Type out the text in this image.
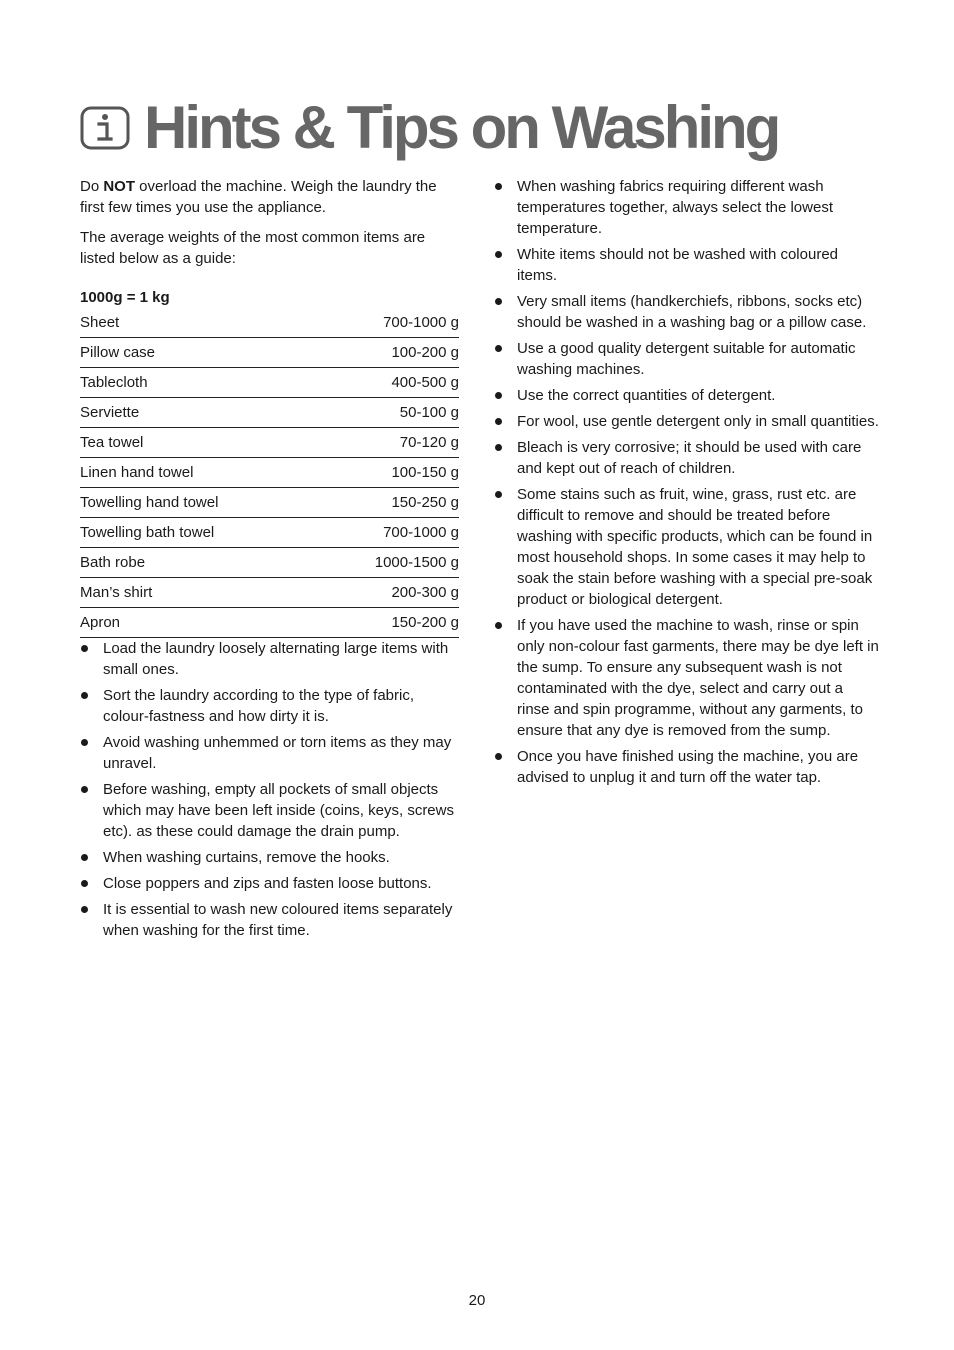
Hints & Tips on Washing

Do NOT overload the machine. Weigh the laundry the first few times you use the appliance.

The average weights of the most common items are listed below as a guide:

1000g = 1 kg
Sheet	700-1000 g
Pillow case	100-200 g
Tablecloth	400-500 g
Serviette	50-100 g
Tea towel	70-120 g
Linen hand towel	100-150 g
Towelling hand towel	150-250 g
Towelling bath towel	700-1000 g
Bath robe	1000-1500 g
Man’s shirt	200-300 g
Apron	150-200 g
Load the laundry loosely alternating large items with small ones.
Sort the laundry according to the type of fabric, colour-fastness and how dirty it is.
Avoid washing unhemmed or torn items as they may unravel.
Before washing, empty all pockets of small objects which may have been left inside (coins, keys, screws etc). as these could damage the drain pump.
When washing curtains, remove the hooks.
Close poppers and zips and fasten loose buttons.
It is essential to wash new coloured items separately when washing for the first time.
When washing fabrics requiring different wash temperatures together, always select the lowest temperature.
White items should not be washed with coloured items.
Very small items (handkerchiefs, ribbons, socks etc) should be washed in a washing bag or a pillow case.
Use a good quality detergent suitable for automatic washing machines.
Use the correct quantities of detergent.
For wool, use gentle detergent only in small quantities.
Bleach is very corrosive; it should be used with care and kept out of reach of children.
Some stains such as fruit, wine, grass, rust etc. are difficult to remove and should be treated before washing with specific products, which can be found in most household shops. In some cases it may help to soak the stain before washing with a special pre-soak product or biological detergent.
If you have used the machine to wash, rinse or spin only non-colour fast garments, there may be dye left in the sump. To ensure any subsequent wash is not contaminated with the dye, select and carry out a rinse and spin programme, without any garments, to ensure that any dye is removed from the sump.
Once you have finished using the machine, you are advised to unplug it and turn off the water tap.
20
